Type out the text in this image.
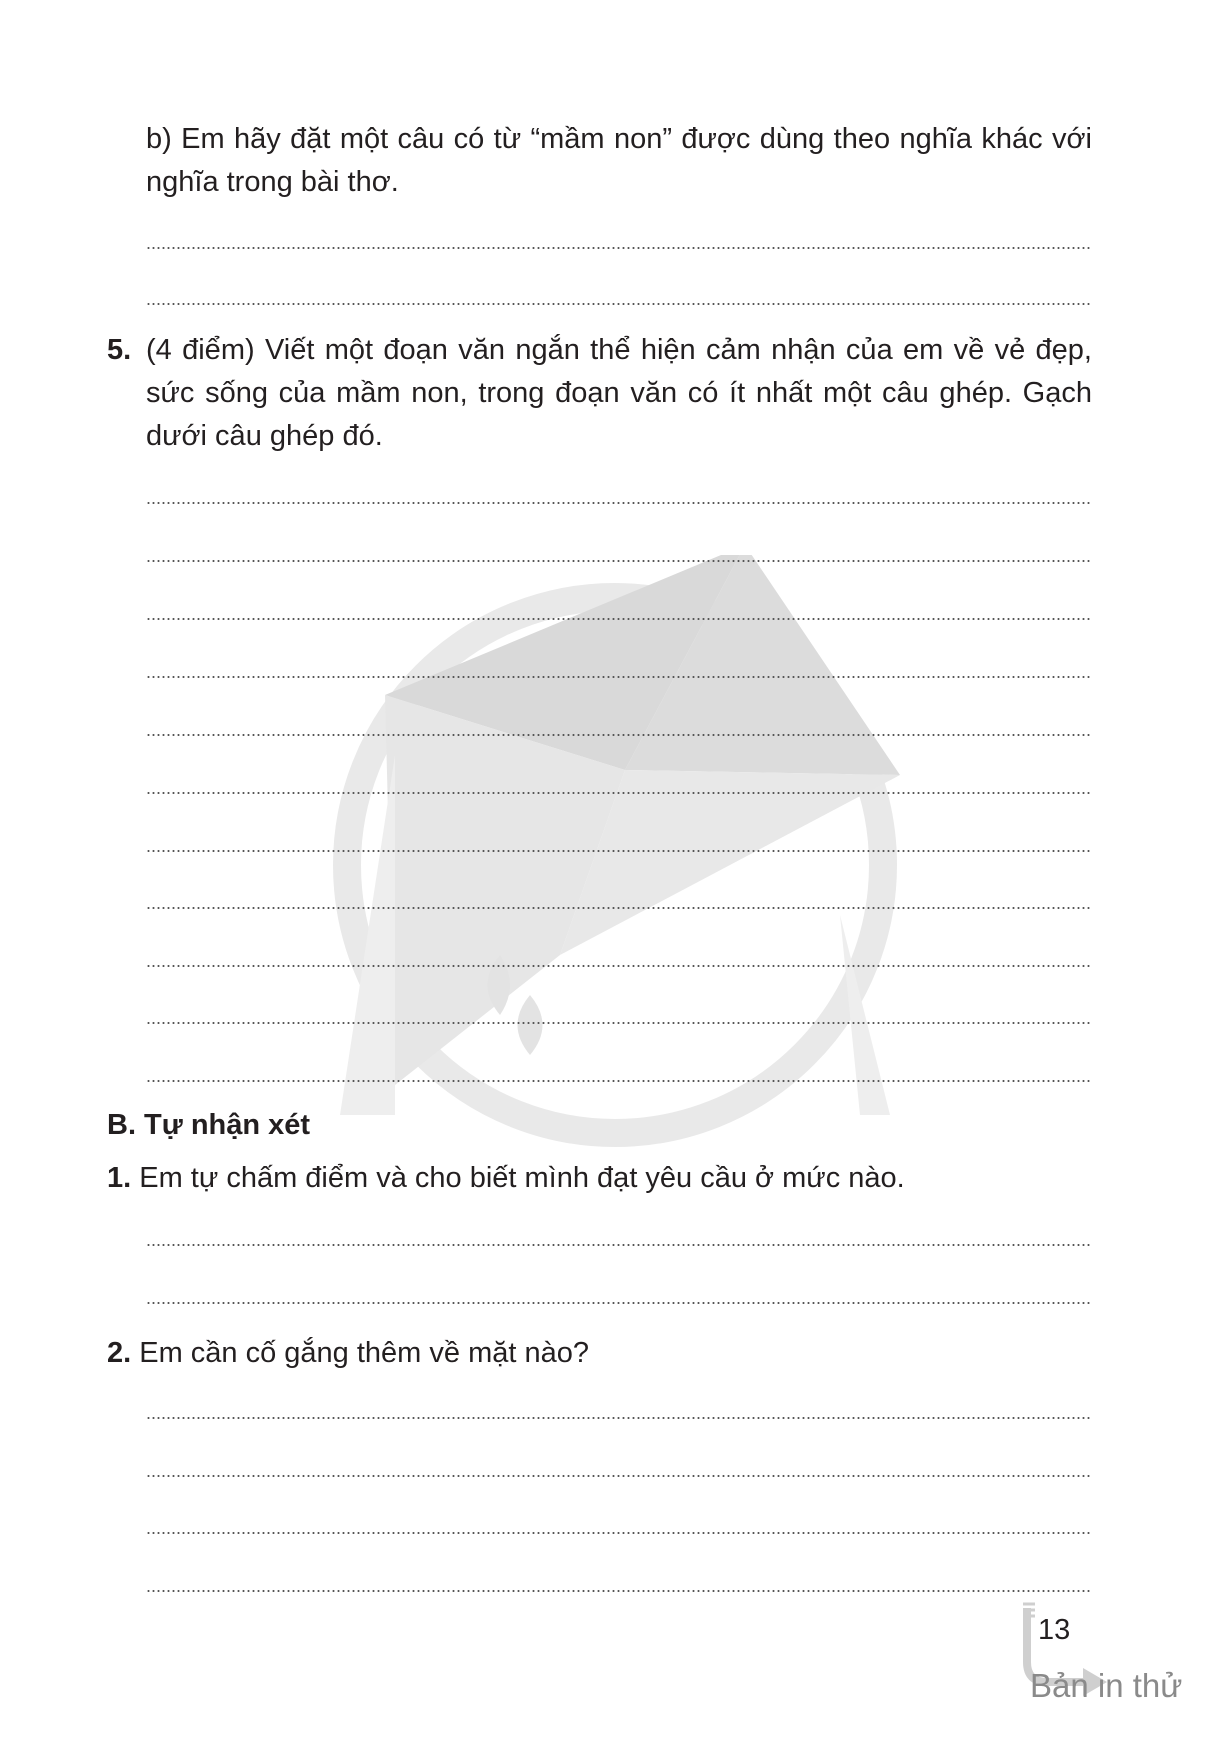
b) Em hãy đặt một câu có từ “mầm non” được dùng theo nghĩa khác với nghĩa trong bài thơ.
5. (4 điểm) Viết một đoạn văn ngắn thể hiện cảm nhận của em về vẻ đẹp, sức sống của mầm non, trong đoạn văn có ít nhất một câu ghép. Gạch dưới câu ghép đó.
B. Tự nhận xét
1. Em tự chấm điểm và cho biết mình đạt yêu cầu ở mức nào.
2. Em cần cố gắng thêm về mặt nào?
13
Bản in thử
